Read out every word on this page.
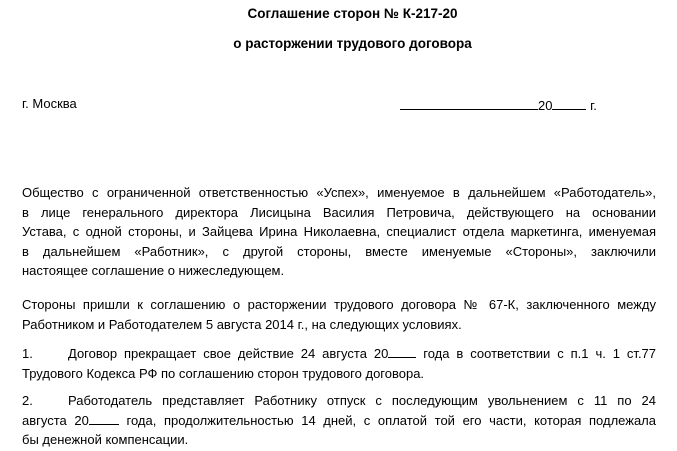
Соглашение сторон № К-217-20
о расторжении трудового договора
г. Москва	20	г.
Общество с ограниченной ответственностью «Успех», именуемое в дальнейшем «Работодатель»,
в лице генерального директора Лисицына Василия Петровича, действующего на основании
Устава, с одной стороны, и Зайцева Ирина Николаевна, специалист отдела маркетинга, именуемая
в дальнейшем «Работник», с другой стороны, вместе именуемые «Стороны», заключили
настоящее соглашение о нижеследующем.
Стороны пришли к соглашению о расторжении трудового договора № 67-К, заключенного между
Работником и Работодателем 5 августа 2014 г., на следующих условиях.
1.	Договор прекращает свое действие 24 августа 20 года в соответствии с п.1 ч. 1 ст.77
Трудового Кодекса РФ по соглашению сторон трудового договора.
2.	Работодатель представляет Работнику отпуск с последующим увольнением с 11 по 24
августа 20 года, продолжительностью 14 дней, с оплатой той его части, которая подлежала
бы денежной компенсации.
